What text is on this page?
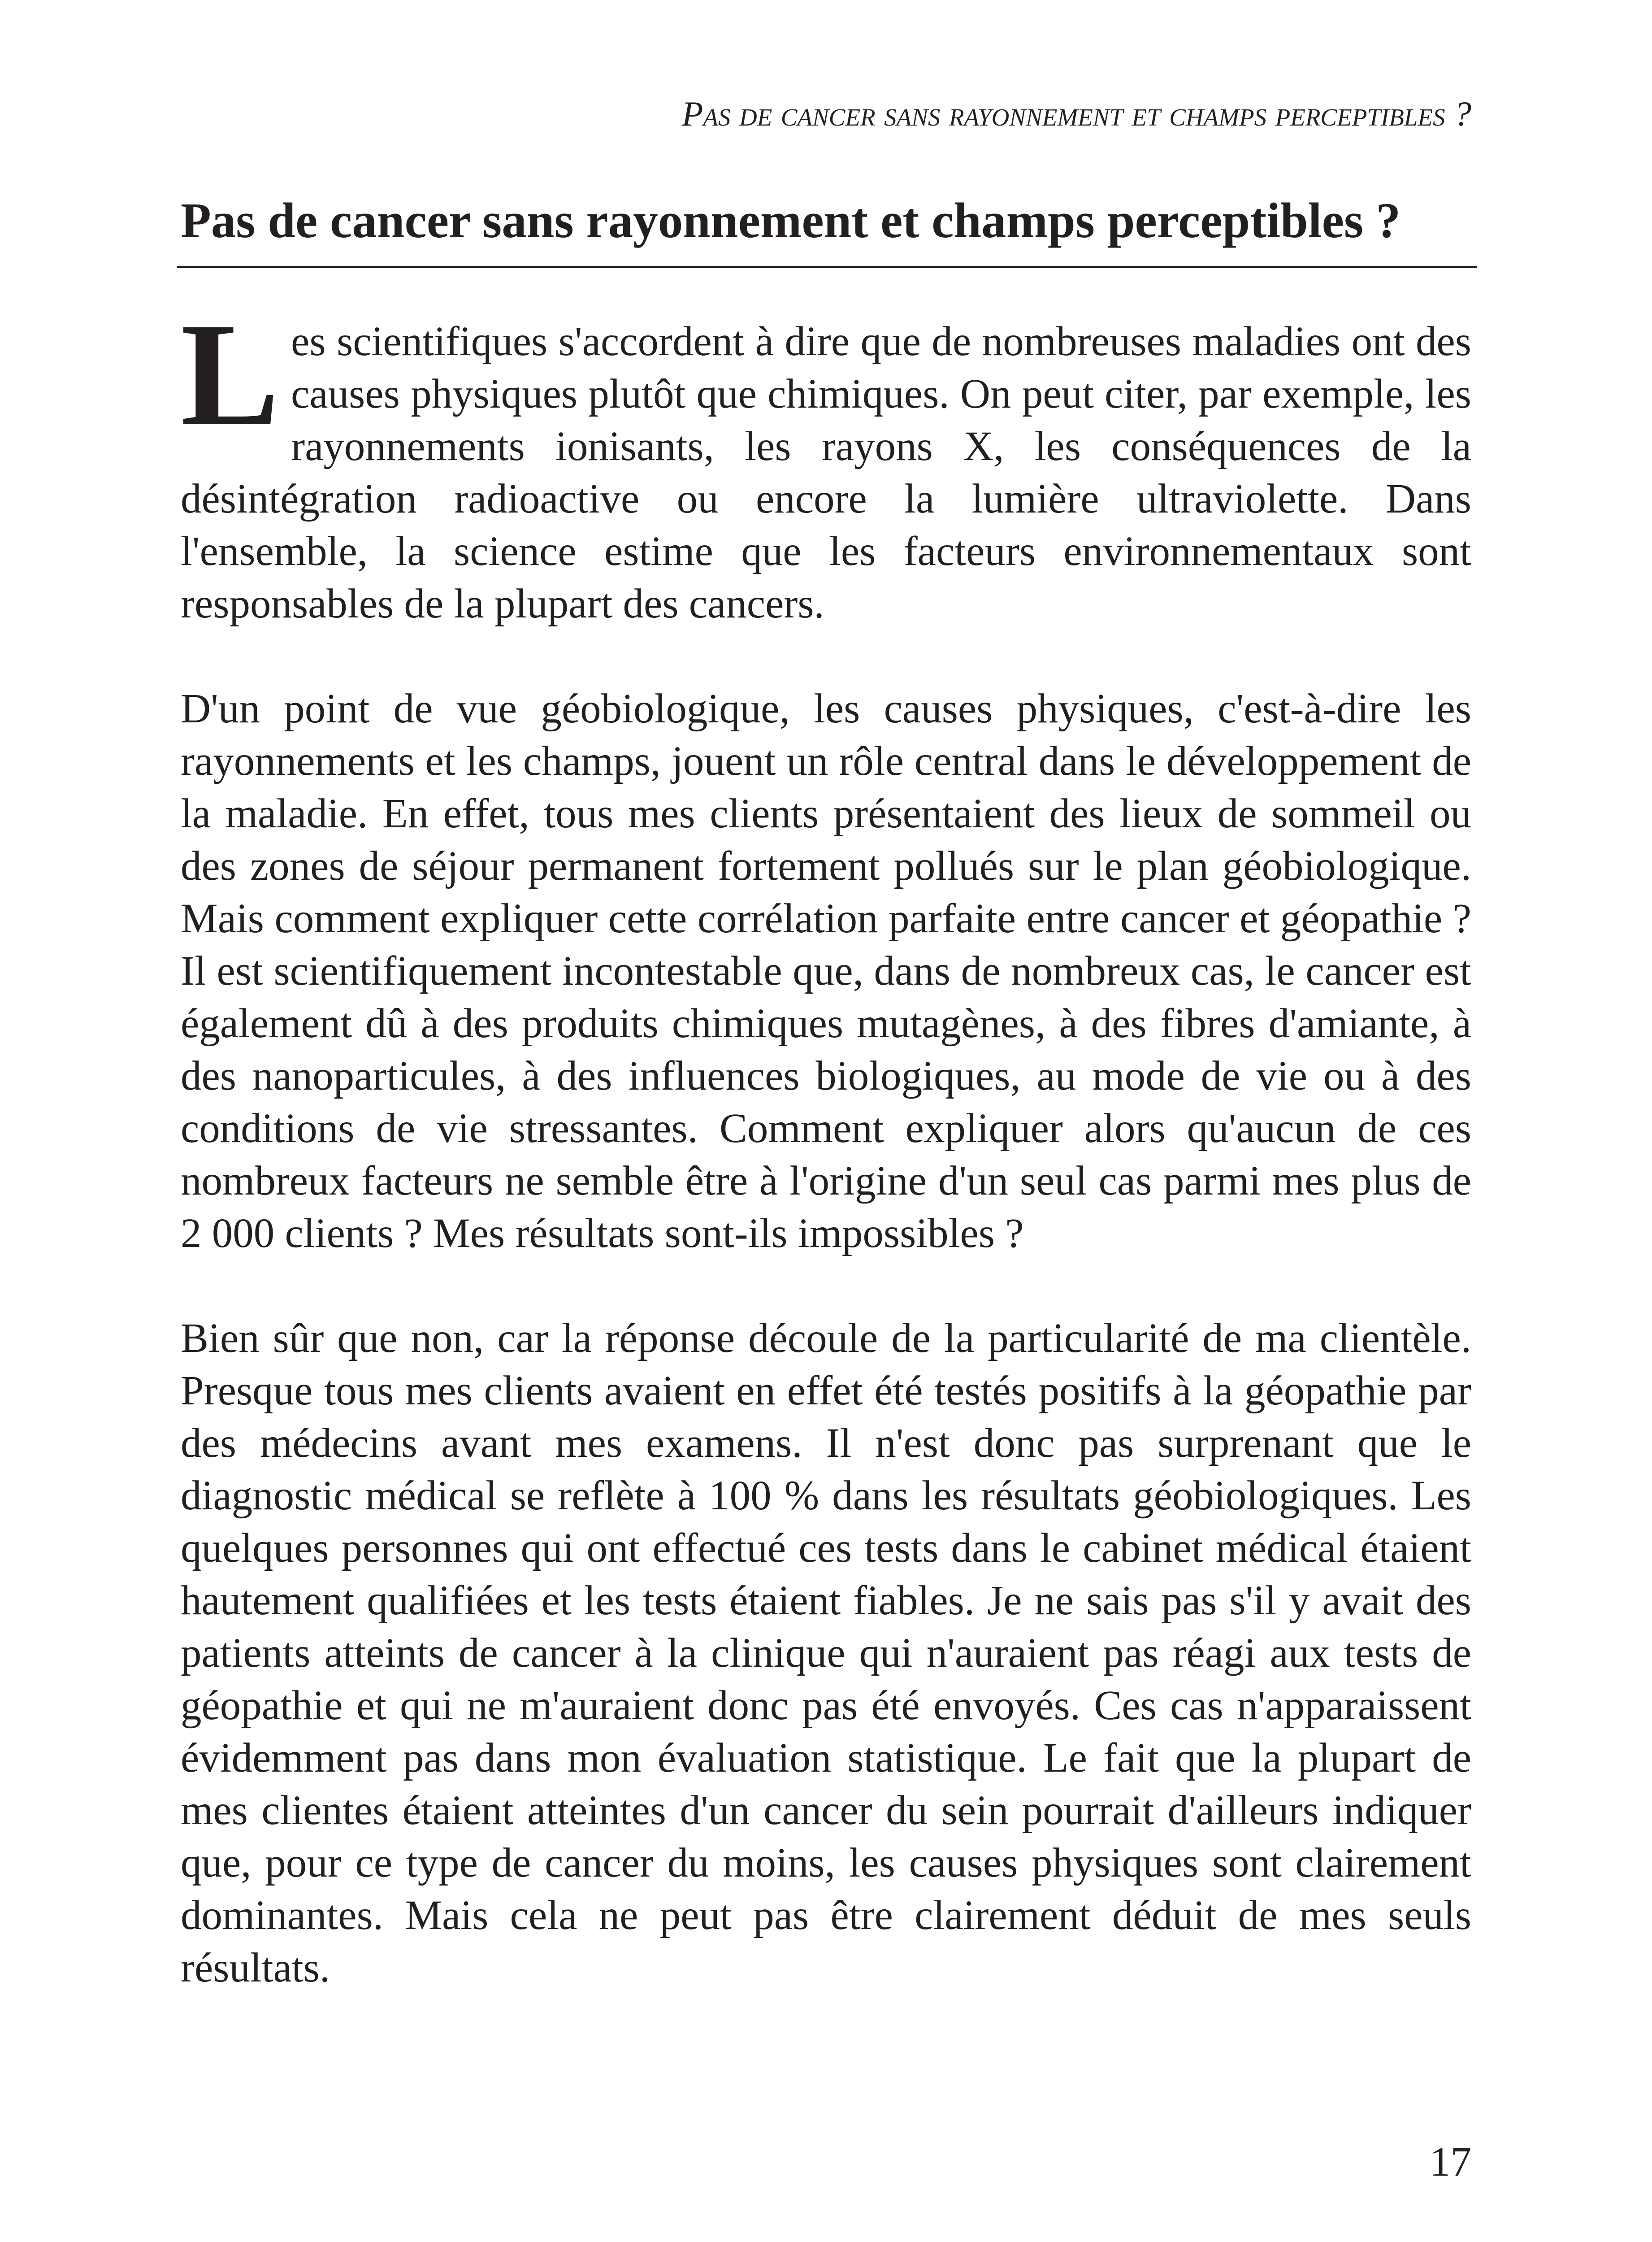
Pas de cancer sans rayonnement et champs perceptibles ?
Pas de cancer sans rayonnement et champs perceptibles ?

Les scientifiques s'accordent à dire que de nombreuses maladies ont des causes physiques plutôt que chimiques. On peut citer, par exemple, les rayonnements ionisants, les rayons X, les conséquences de la désintégration radioactive ou encore la lumière ultraviolette. Dans l'ensemble, la science estime que les facteurs environnementaux sont responsables de la plupart des cancers.

D'un point de vue géobiologique, les causes physiques, c'est-à-dire les rayonnements et les champs, jouent un rôle central dans le développement de la maladie. En effet, tous mes clients présentaient des lieux de sommeil ou des zones de séjour permanent fortement pollués sur le plan géobiologique. Mais comment expliquer cette corrélation parfaite entre cancer et géopathie ? Il est scientifiquement incontestable que, dans de nombreux cas, le cancer est également dû à des produits chimiques mutagènes, à des fibres d'amiante, à des nanoparticules, à des influences biologiques, au mode de vie ou à des conditions de vie stressantes. Comment expliquer alors qu'aucun de ces nombreux facteurs ne semble être à l'origine d'un seul cas parmi mes plus de 2 000 clients ? Mes résultats sont-ils impossibles ?

Bien sûr que non, car la réponse découle de la particularité de ma clientèle. Presque tous mes clients avaient en effet été testés positifs à la géopathie par des médecins avant mes examens. Il n'est donc pas surprenant que le diagnostic médical se reflète à 100 % dans les résultats géobiologiques. Les quelques personnes qui ont effectué ces tests dans le cabinet médical étaient hautement qualifiées et les tests étaient fiables. Je ne sais pas s'il y avait des patients atteints de cancer à la clinique qui n'auraient pas réagi aux tests de géopathie et qui ne m'auraient donc pas été envoyés. Ces cas n'apparaissent évidemment pas dans mon évaluation statistique. Le fait que la plupart de mes clientes étaient atteintes d'un cancer du sein pourrait d'ailleurs indiquer que, pour ce type de cancer du moins, les causes physiques sont clairement dominantes. Mais cela ne peut pas être clairement déduit de mes seuls résultats.

17
